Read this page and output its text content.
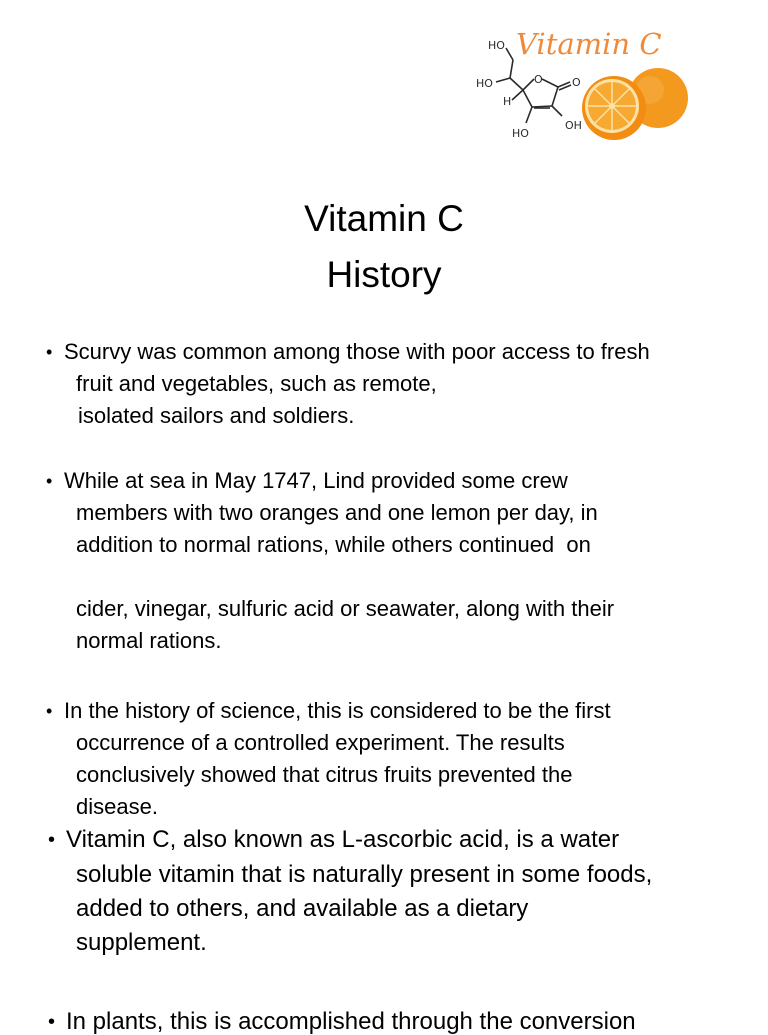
Vitamin C
HO
HO
H
O	O
OH
HO
Vitamin C
History
• Scurvy was common among those with poor access to fresh
fruit and vegetables, such as remote,
isolated sailors and soldiers.
• While at sea in May 1747, Lind provided some crew
members with two oranges and one lemon per day, in
addition to normal rations, while others continued  on
cider, vinegar, sulfuric acid or seawater, along with their
normal rations.
• In the history of science, this is considered to be the first
occurrence of a controlled experiment. The results
conclusively showed that citrus fruits prevented the
disease.
• Vitamin C, also known as L-ascorbic acid, is a water
soluble vitamin that is naturally present in some foods,
added to others, and available as a dietary
supplement.
• In plants, this is accomplished through the conversion
